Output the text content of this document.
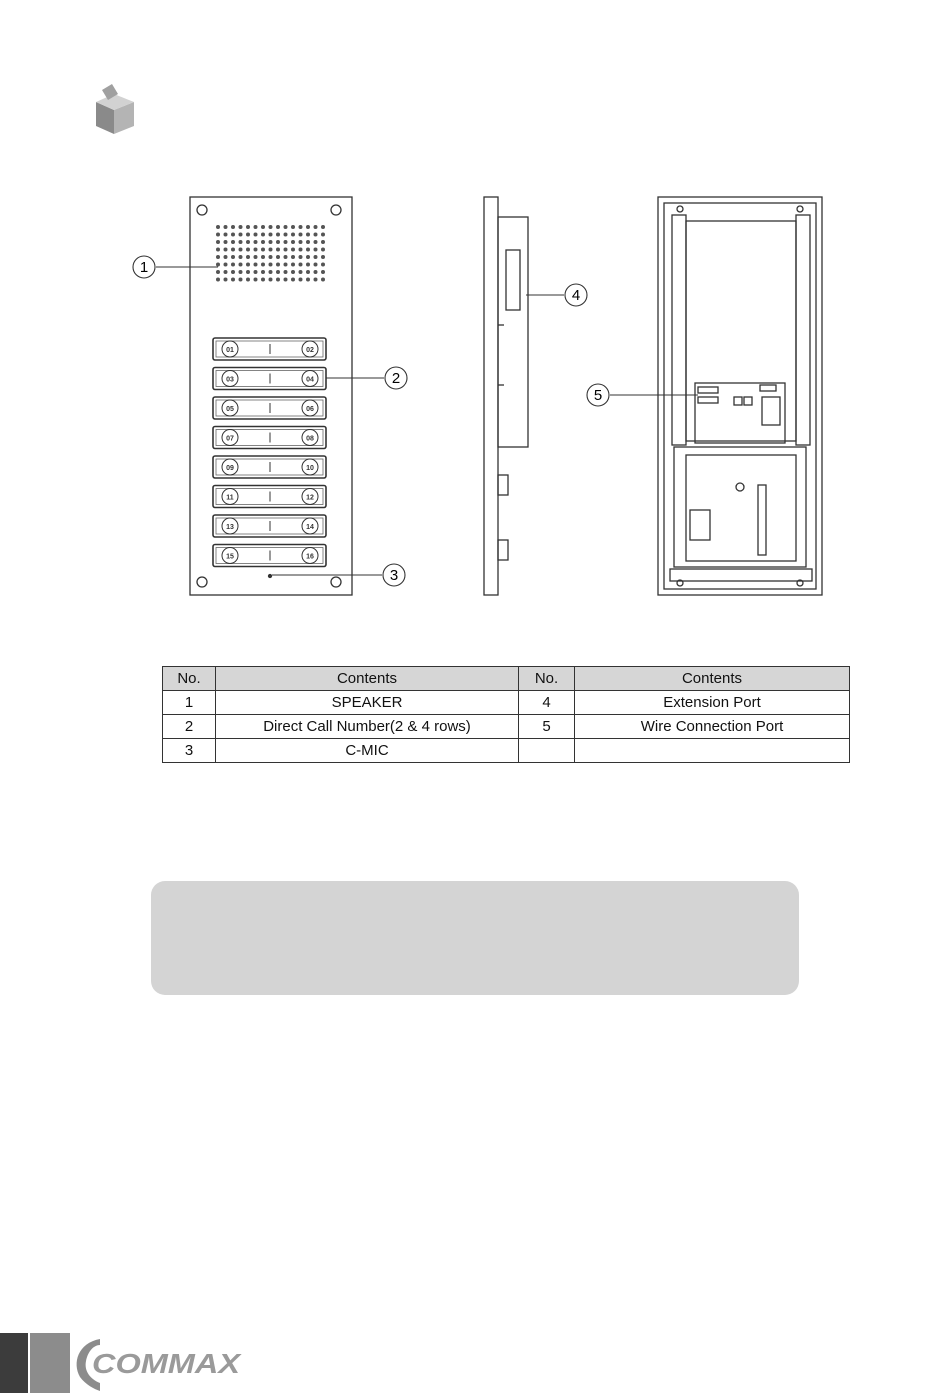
01	02
03	04
05	06
07	08
09	10
11	12
13	14
15	16
1
2
3
4
5
No.	Contents	No.	Contents
1	SPEAKER	4	Extension Port
2	Direct Call Number(2 & 4 rows)	5	Wire Connection Port
3	C-MIC		
COMMAX
